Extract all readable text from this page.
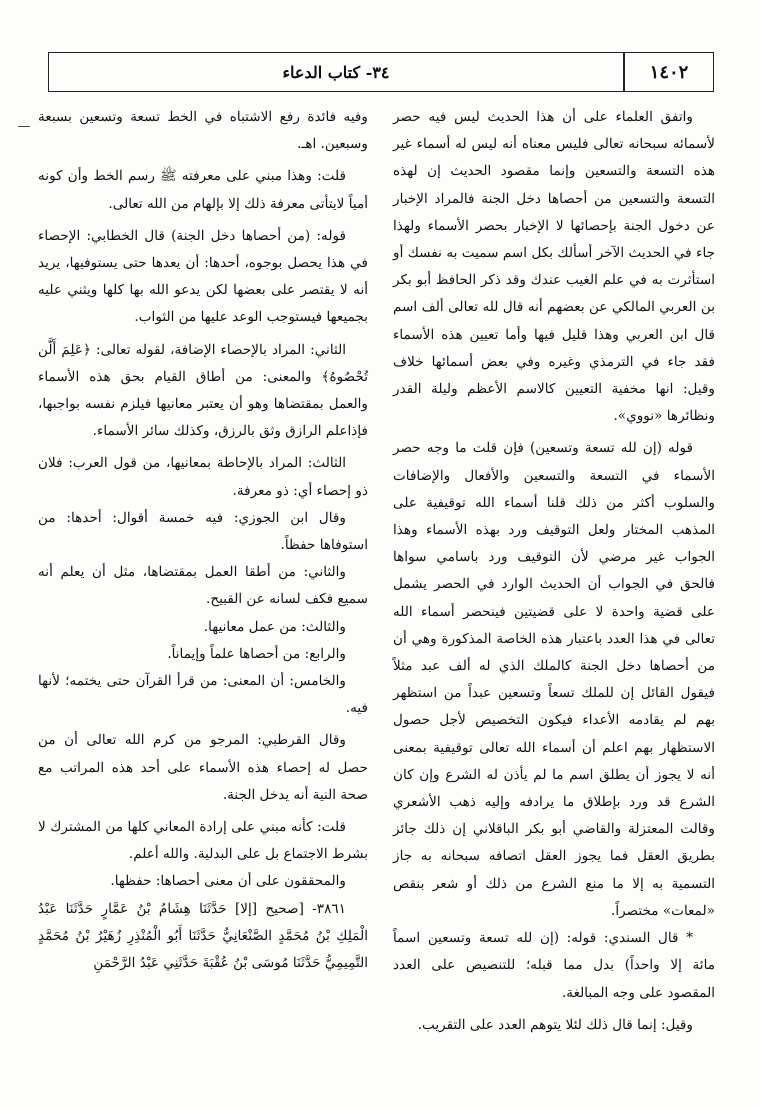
١٤٠٢
٣٤- كتاب الدعاء

واتفق العلماء على أن هذا الحديث ليس فيه حصر لأسمائه سبحانه تعالى فليس معناه أنه ليس له أسماء غير هذه التسعة والتسعين وإنما مقصود الحديث إن لهذه التسعة والتسعين من أحصاها دخل الجنة فالمراد الإخبار عن دخول الجنة بإحصائها لا الإخبار بحصر الأسماء ولهذا جاء في الحديث الآخر أسألك بكل اسم سميت به نفسك أو استأثرت به في علم الغيب عندك وقد ذكر الحافظ أبو بكر بن العربي المالكي عن بعضهم أنه قال لله تعالى ألف اسم قال ابن العربي وهذا قليل فيها وأما تعيين هذه الأسماء فقد جاء في الترمذي وغيره وفي بعض أسمائها خلاف وقيل: انها مخفية التعيين كالاسم الأعظم وليلة القدر ونظائرها «نووي».

قوله (إن لله تسعة وتسعين) فإن قلت ما وجه حصر الأسماء في التسعة والتسعين والأفعال والإضافات والسلوب أكثر من ذلك قلنا أسماء الله توقيفية على المذهب المختار ولعل التوقيف ورد بهذه الأسماء وهذا الجواب غير مرضي لأن التوقيف ورد باسامي سواها فالحق في الجواب أن الحديث الوارد في الحصر يشمل على قضية واحدة لا على قضيتين فينحصر أسماء الله تعالى في هذا العدد باعتبار هذه الخاصة المذكورة وهي أن من أحصاها دخل الجنة كالملك الذي له ألف عبد مثلاً فيقول القائل إن للملك تسعاً وتسعين عبداً من استظهر بهم لم يقادمه الأعداء فيكون التخصيص لأجل حصول الاستظهار بهم اعلم أن أسماء الله تعالى توقيفية بمعنى أنه لا يجوز أن يطلق اسم ما لم يأذن له الشرع وإن كان الشرع قد ورد بإطلاق ما يرادفه وإليه ذهب الأشعري وقالت المعتزلة والقاضي أبو بكر الباقلاني إن ذلك جائز بطريق العقل فما يجوز العقل اتصافه سبحانه به جاز التسمية به إلا ما منع الشرع من ذلك أو شعر بنقص «لمعات» مختصراً.

* قال السندي: قوله: (إن لله تسعة وتسعين اسماً مائة إلا واحداً) بدل مما قبله؛ للتنصيص على العدد المقصود على وجه المبالغة.

وقيل: إنما قال ذلك لئلا يتوهم العدد على التقريب.

وفيه فائدة رفع الاشتباه في الخط تسعة وتسعين بسبعة وسبعين. اهـ.

قلت: وهذا مبني على معرفته ﷺ رسم الخط وأن كونه أمياً لايتأتى معرفة ذلك إلا بإلهام من الله تعالى.

قوله: (من أحصاها دخل الجنة) قال الخطابي: الإحصاء في هذا يحصل بوجوه، أحدها: أن يعدها حتى يستوفيها، يريد أنه لا يقتصر على بعضها لكن يدعو الله بها كلها ويثني عليه بجميعها فيستوجب الوعد عليها من الثواب.

الثاني: المراد بالإحصاء الإضافة، لقوله تعالى: ﴿عَلِمَ أَلَّن تُحْصُوهُ﴾ والمعنى: من أطاق القيام بحق هذه الأسماء والعمل بمقتضاها وهو أن يعتبر معانيها فيلزم نفسه بواجبها، فإذاعلم الرازق وثق بالرزق، وكذلك سائر الأسماء.

الثالث: المراد بالإحاطة بمعانيها، من قول العرب: فلان ذو إحصاء أي: ذو معرفة.

وقال ابن الجوزي: فيه خمسة أقوال: أحدها: من استوفاها حفظاً.

والثاني: من أطقا العمل بمقتضاها، مثل أن يعلم أنه سميع فكف لسانه عن القبيح.

والثالث: من عمل معانيها.

والرابع: من أحصاها علماً وإيماناً.

والخامس: أن المعنى: من قرأ القرآن حتى يختمه؛ لأنها فيه.

وقال القرطبي: المرجو من كرم الله تعالى أن من حصل له إحصاء هذه الأسماء على أحد هذه المراتب مع صحة النية أنه يدخل الجنة.

قلت: كأنه مبني على إرادة المعاني كلها من المشترك لا بشرط الاجتماع بل على البدلية. والله أعلم.

والمحققون على أن معنى أحصاها: حفظها.

٣٨٦١- [صحيح [إلا] حَدَّثَنَا هِشَامُ بْنُ عَمَّارٍ حَدَّثَنَا عَبْدُ الْمَلِكِ بْنُ مُحَمَّدٍ الصَّنْعَانِيُّ حَدَّثَنَا أَبُو الْمُنْذِرِ زُهَيْرُ بْنُ مُحَمَّدٍ التَّمِيمِيُّ حَدَّثَنَا مُوسَى بْنُ عُقْبَةَ حَدَّثَنِي عَبْدُ الرَّحْمَنِ
